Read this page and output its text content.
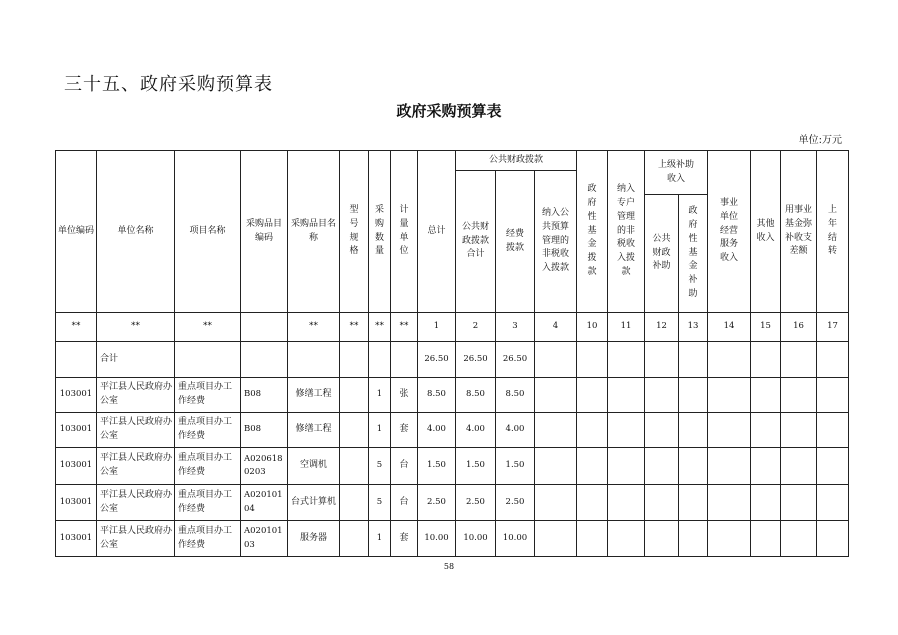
三十五、政府采购预算表
政府采购预算表
单位:万元
单位编码	单位名称	项目名称	采购品目编码	采购品目名称	型号规格	采购数量	计量单位	总计	公共财政拨款			政府性基金拨款	纳入专户管理的非税收入拨款	上级补助收入		事业单位经营服务收入	其他收入	用事业基金弥补收支差额	上年结转

									公共财政拨款合计	经费拨款	纳入公共预算管理的非税收入拨款								

														公共财政补助	政府性基金补助				

**	**	**		**	**	**	**	1	2	3	4	10	11	12	13	14	15	16	17
	合计							26.50	26.50	26.50									
103001	平江县人民政府办公室	重点项目办工作经费	B08	修缮工程		1	张	8.50	8.50	8.50									
103001	平江县人民政府办公室	重点项目办工作经费	B08	修缮工程		1	套	4.00	4.00	4.00									
103001	平江县人民政府办公室	重点项目办工作经费	A0206180203	空调机		5	台	1.50	1.50	1.50									
103001	平江县人民政府办公室	重点项目办工作经费	A02010104	台式计算机		5	台	2.50	2.50	2.50									
103001	平江县人民政府办公室	重点项目办工作经费	A02010103	服务器		1	套	10.00	10.00	10.00									
58
